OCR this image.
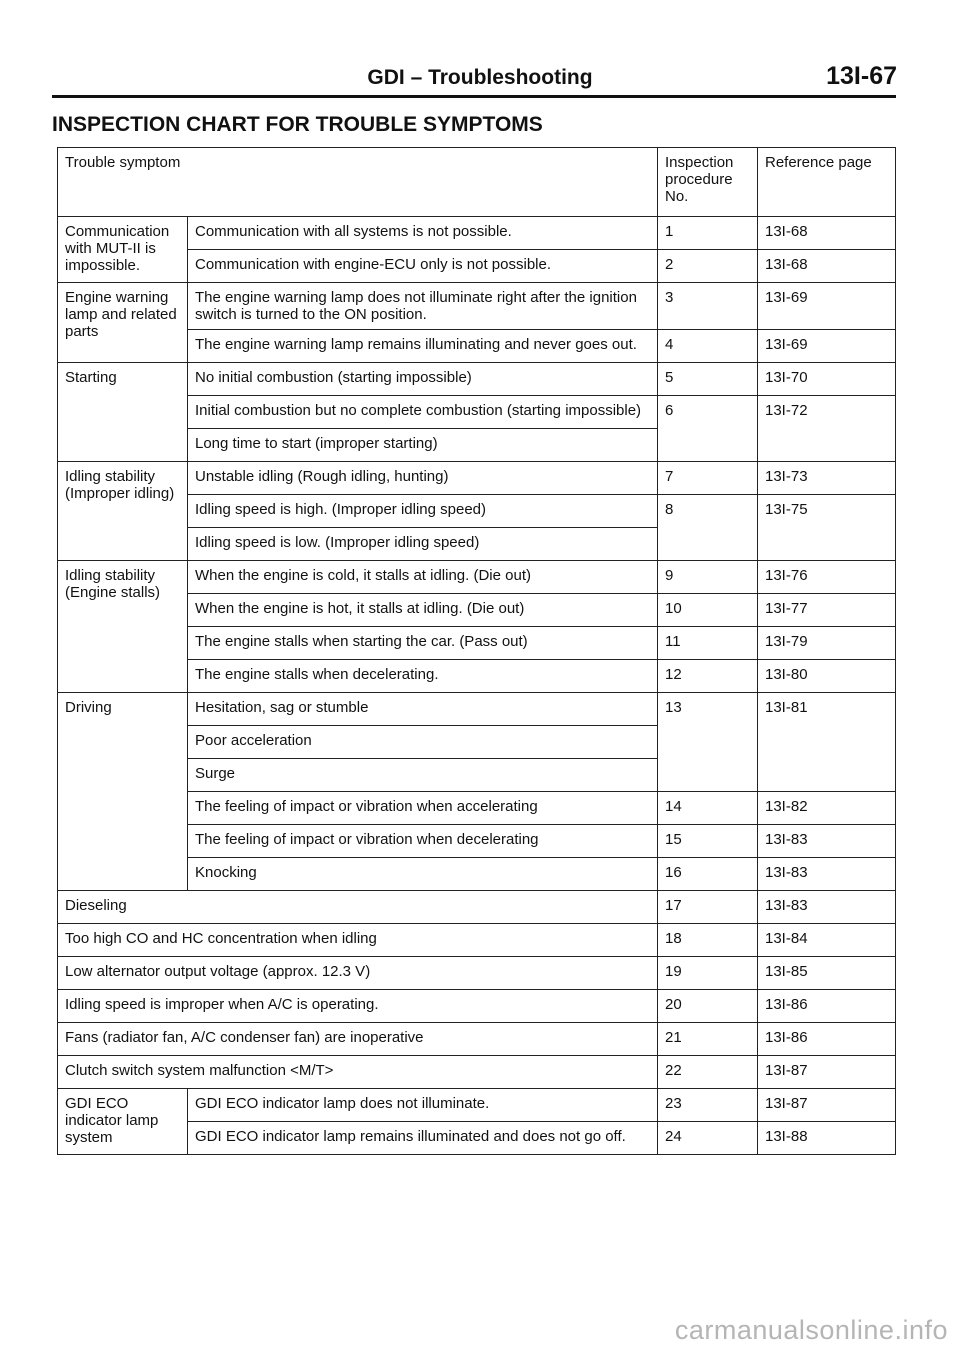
GDI – Troubleshooting	13I-67
INSPECTION CHART FOR TROUBLE SYMPTOMS
Trouble symptom		Inspection procedure No.	Reference page
Communication with MUT-II is impossible.	Communication with all systems is not possible.	1	13I-68
	Communication with engine-ECU only is not possible.	2	13I-68
Engine warning lamp and related parts	The engine warning lamp does not illuminate right after the ignition switch is turned to the ON position.	3	13I-69
	The engine warning lamp remains illuminating and never goes out.	4	13I-69
Starting	No initial combustion (starting impossible)	5	13I-70
	Initial combustion but no complete combustion (starting impossible)	6	13I-72
	Long time to start (improper starting)		
Idling stability (Improper idling)	Unstable idling (Rough idling, hunting)	7	13I-73
	Idling speed is high. (Improper idling speed)	8	13I-75
	Idling speed is low. (Improper idling speed)		
Idling stability (Engine stalls)	When the engine is cold, it stalls at idling. (Die out)	9	13I-76
	When the engine is hot, it stalls at idling. (Die out)	10	13I-77
	The engine stalls when starting the car. (Pass out)	11	13I-79
	The engine stalls when decelerating.	12	13I-80
Driving	Hesitation, sag or stumble	13	13I-81
	Poor acceleration		
	Surge		
	The feeling of impact or vibration when accelerating	14	13I-82
	The feeling of impact or vibration when decelerating	15	13I-83
	Knocking	16	13I-83
Dieseling		17	13I-83
Too high CO and HC concentration when idling		18	13I-84
Low alternator output voltage (approx. 12.3 V)		19	13I-85
Idling speed is improper when A/C is operating.		20	13I-86
Fans (radiator fan, A/C condenser fan) are inoperative		21	13I-86
Clutch switch system malfunction <M/T>		22	13I-87
GDI ECO indicator lamp system	GDI ECO indicator lamp does not illuminate.	23	13I-87
	GDI ECO indicator lamp remains illuminated and does not go off.	24	13I-88
carmanualsonline.info
